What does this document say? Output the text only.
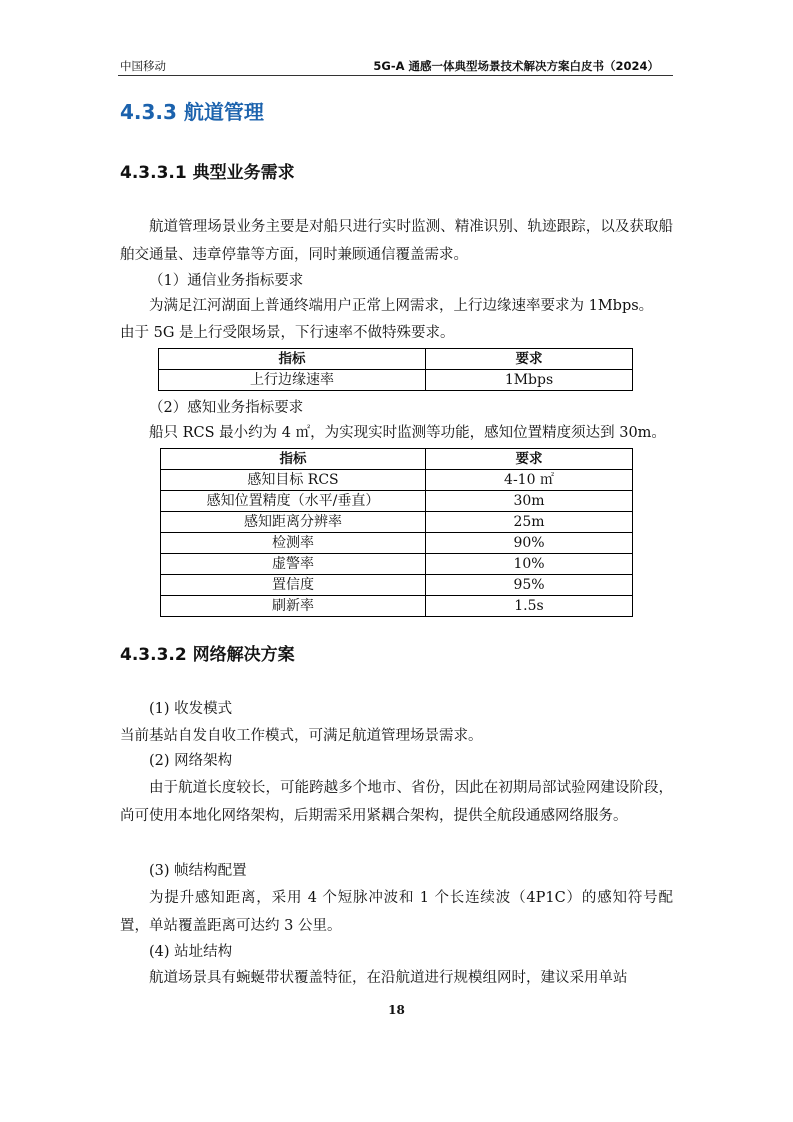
中国移动	5G-A 通感一体典型场景技术解决方案白皮书（2024）
4.3.3 航道管理
4.3.3.1 典型业务需求

航道管理场景业务主要是对船只进行实时监测、精准识别、轨迹跟踪，以及获取船舶交通量、违章停靠等方面，同时兼顾通信覆盖需求。

（1）通信业务指标要求

为满足江河湖面上普通终端用户正常上网需求，上行边缘速率要求为 1Mbps。

由于 5G 是上行受限场景，下行速率不做特殊要求。

指标	要求
上行边缘速率	1Mbps

（2）感知业务指标要求

船只 RCS 最小约为 4 ㎡，为实现实时监测等功能，感知位置精度须达到 30m。

指标	要求
感知目标 RCS	4-10 ㎡
感知位置精度（水平/垂直）	30m
感知距离分辨率	25m
检测率	90%
虚警率	10%
置信度	95%
刷新率	1.5s
4.3.3.2 网络解决方案

(1) 收发模式

当前基站自发自收工作模式，可满足航道管理场景需求。

(2) 网络架构

由于航道长度较长，可能跨越多个地市、省份，因此在初期局部试验网建设阶段，尚可使用本地化网络架构，后期需采用紧耦合架构，提供全航段通感网络服务。

(3) 帧结构配置

为提升感知距离，采用 4 个短脉冲波和 1 个长连续波（4P1C）的感知符号配置，单站覆盖距离可达约 3 公里。

(4) 站址结构

航道场景具有蜿蜒带状覆盖特征，在沿航道进行规模组网时，建议采用单站

18
